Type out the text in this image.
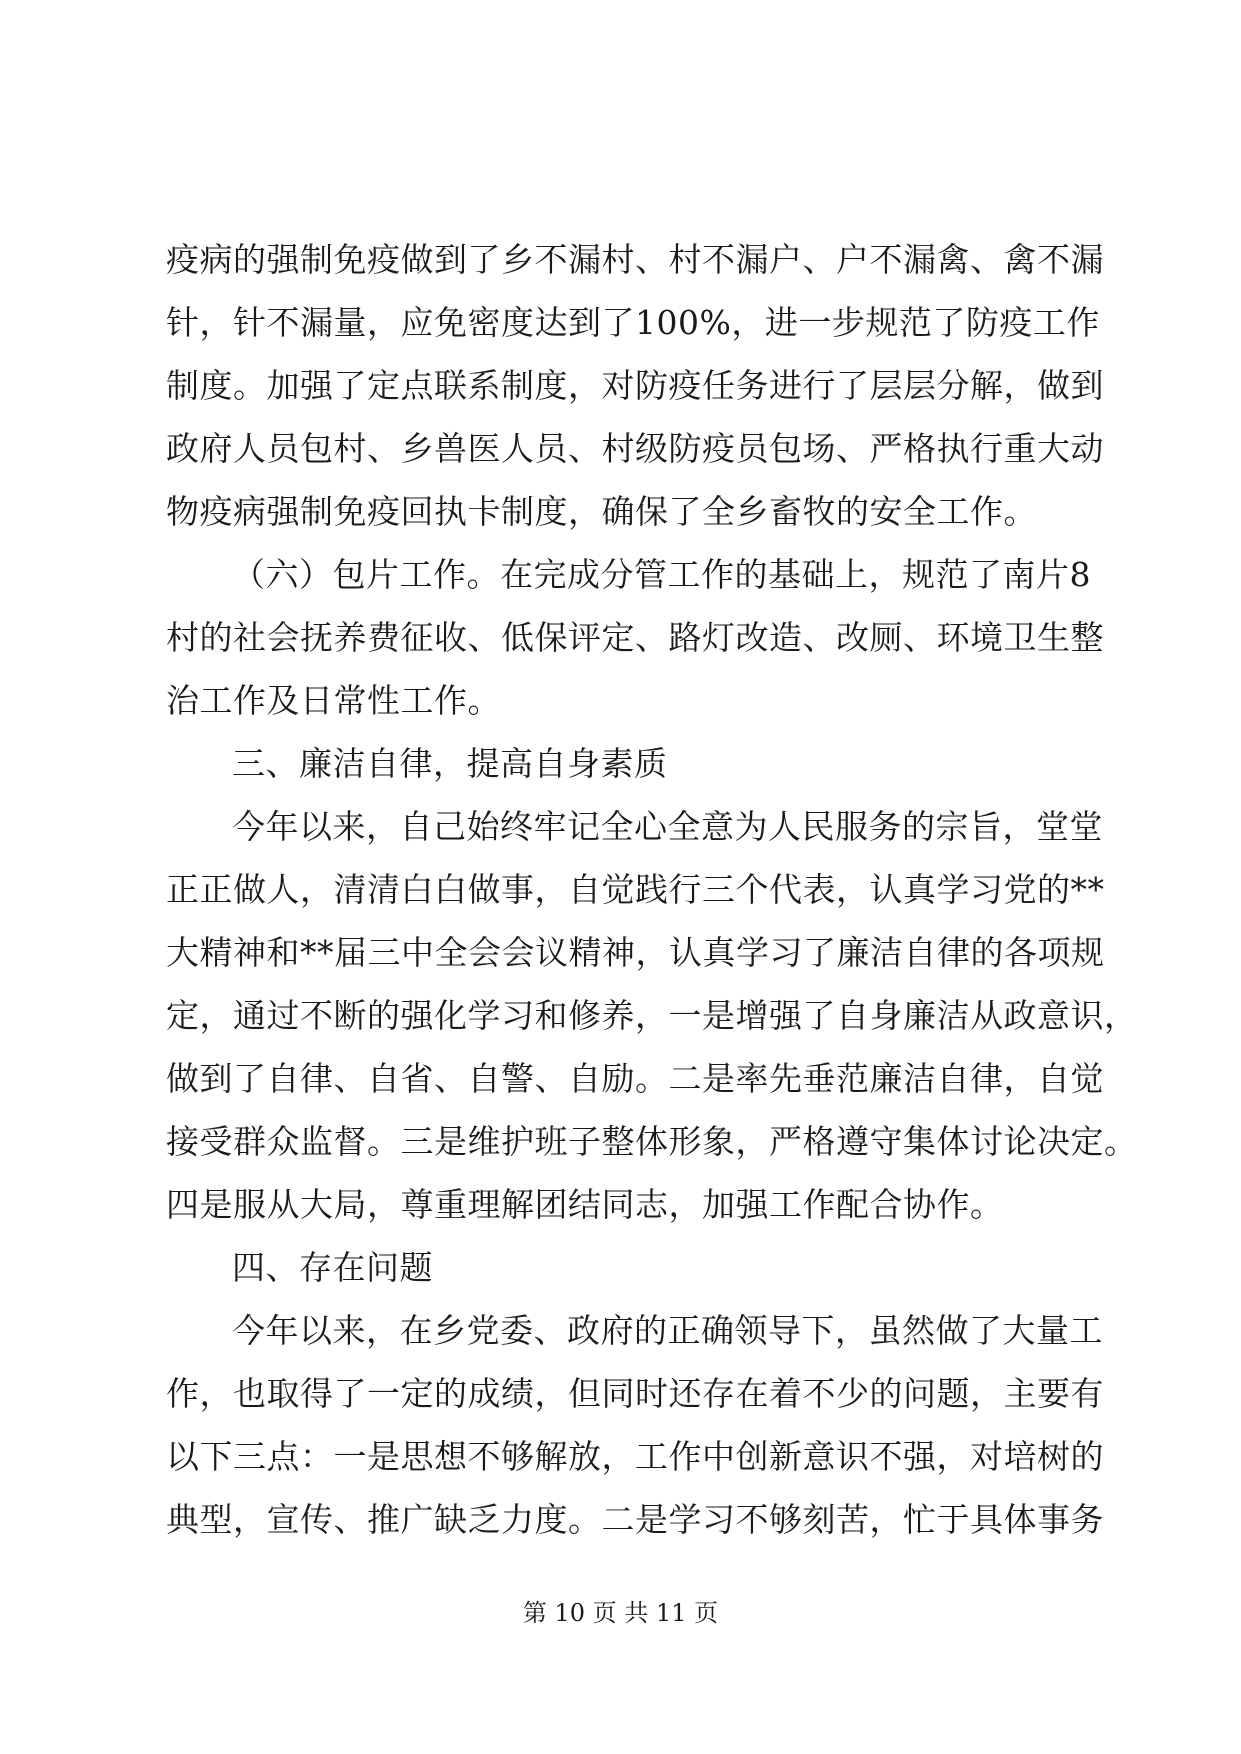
疫病的强制免疫做到了乡不漏村、村不漏户、户不漏禽、禽不漏
针，针不漏量，应免密度达到了100%，进一步规范了防疫工作
制度。加强了定点联系制度，对防疫任务进行了层层分解，做到
政府人员包村、乡兽医人员、村级防疫员包场、严格执行重大动
物疫病强制免疫回执卡制度，确保了全乡畜牧的安全工作。
（六）包片工作。在完成分管工作的基础上，规范了南片8
村的社会抚养费征收、低保评定、路灯改造、改厕、环境卫生整
治工作及日常性工作。
三、廉洁自律，提高自身素质
今年以来，自己始终牢记全心全意为人民服务的宗旨，堂堂
正正做人，清清白白做事，自觉践行三个代表，认真学习党的**
大精神和**届三中全会会议精神，认真学习了廉洁自律的各项规
定，通过不断的强化学习和修养，一是增强了自身廉洁从政意识，
做到了自律、自省、自警、自励。二是率先垂范廉洁自律，自觉
接受群众监督。三是维护班子整体形象，严格遵守集体讨论决定。
四是服从大局，尊重理解团结同志，加强工作配合协作。
四、存在问题
今年以来，在乡党委、政府的正确领导下，虽然做了大量工
作，也取得了一定的成绩，但同时还存在着不少的问题，主要有
以下三点：一是思想不够解放，工作中创新意识不强，对培树的
典型，宣传、推广缺乏力度。二是学习不够刻苦，忙于具体事务
第 10 页 共 11 页
